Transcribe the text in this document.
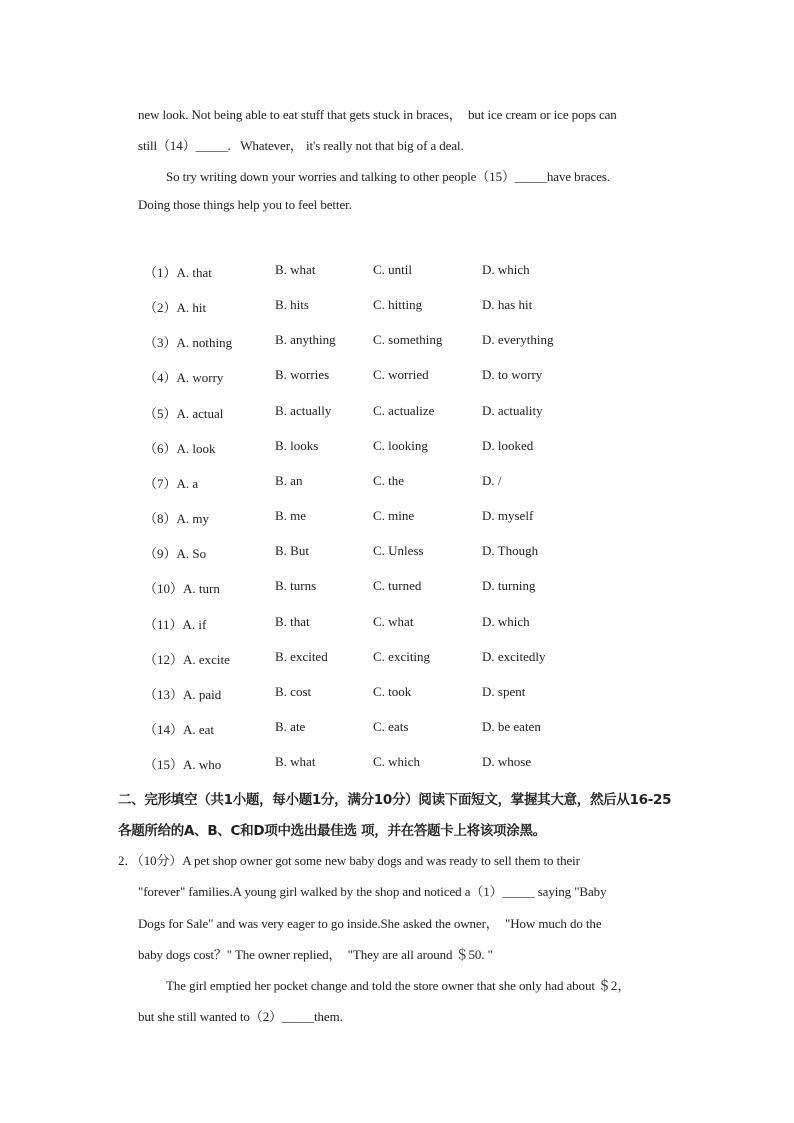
new look. Not being able to eat stuff that gets stuck in braces，  but ice cream or ice pops can
still（14）_____.   Whatever， it's really not that big of a deal.
So try writing down your worries and talking to other people（15）_____have braces.
Doing those things help you to feel better.
（1）A. that	B. what	C. until	D. which
（2）A. hit	B. hits	C. hitting	D. has hit
（3）A. nothing	B. anything	C. something	D. everything
（4）A. worry	B. worries	C. worried	D. to worry
（5）A. actual	B. actually	C. actualize	D. actuality
（6）A. look	B. looks	C. looking	D. looked
（7）A. a	B. an	C. the	D. /
（8）A. my	B. me	C. mine	D. myself
（9）A. So	B. But	C. Unless	D. Though
（10）A. turn	B. turns	C. turned	D. turning
（11）A. if	B. that	C. what	D. which
（12）A. excite	B. excited	C. exciting	D. excitedly
（13）A. paid	B. cost	C. took	D. spent
（14）A. eat	B. ate	C. eats	D. be eaten
（15）A. who	B. what	C. which	D. whose
二、完形填空（共1小题，每小题1分，满分10分）阅读下面短文，掌握其大意，然后从16-25
各题所给的A、B、C和D项中选出最佳选 项，并在答题卡上将该项涂黑。
2．（10分）A pet shop owner got some new baby dogs and was ready to sell them to their
"forever" families.A young girl walked by the shop and noticed a（1）_____ saying "Baby
Dogs for Sale" and was very eager to go inside.She asked the owner，  "How much do the
baby dogs cost？" The owner replied，  "They are all around ＄50. "
The girl emptied her pocket change and told the store owner that she only had about ＄2，
but she still wanted to（2）_____them.
